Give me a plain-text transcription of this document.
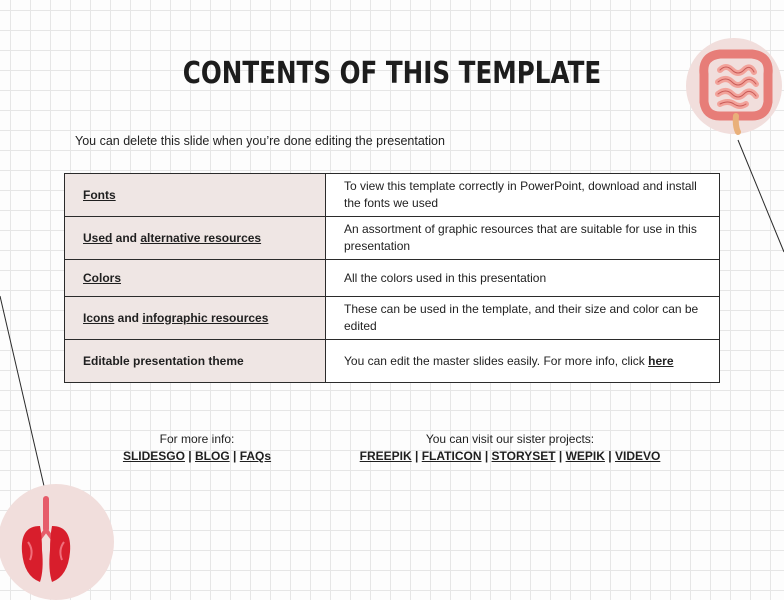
CONTENTS OF THIS TEMPLATE
You can delete this slide when you’re done editing the presentation
Fonts	To view this template correctly in PowerPoint, download and install the fonts we used
Used and alternative resources	An assortment of graphic resources that are suitable for use in this presentation
Colors	All the colors used in this presentation
Icons and infographic resources	These can be used in the template, and their size and color can be edited
Editable presentation theme	You can edit the master slides easily. For more info, click here
For more info:
SLIDESGO | BLOG | FAQs
You can visit our sister projects:
FREEPIK | FLATICON | STORYSET | WEPIK | VIDEVO
